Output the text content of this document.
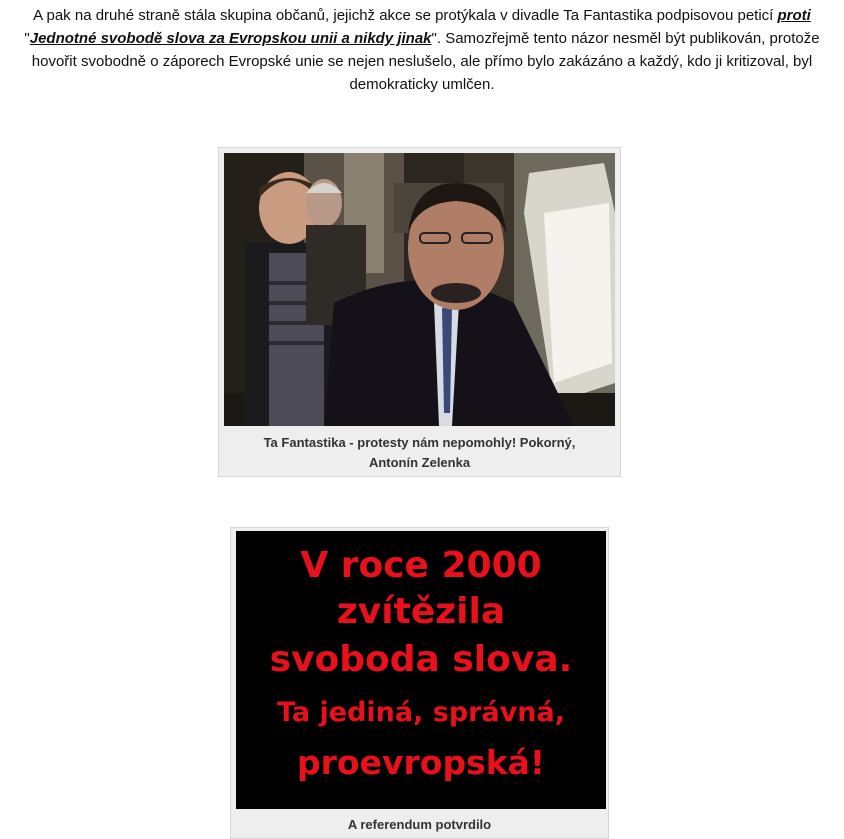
A pak na druhé straně stála skupina občanů, jejichž akce se protýkala v divadle Ta Fantastika podpisovou peticí proti "Jednotné svobodě slova za Evropskou unii a nikdy jinak". Samozřejmě tento názor nesměl být publikován, protože hovořit svobodně o záporech Evropské unie se nejen neslušelo, ale přímo bylo zakázáno a každý, kdo ji kritizoval, byl demokraticky umlčen.

Ta Fantastika - protesty nám nepomohly! Pokorný, Antonín Zelenka
V roce 2000
zvítězila
svoboda slova.
Ta jediná, správná,
proevropská!
A referendum potvrdilo
